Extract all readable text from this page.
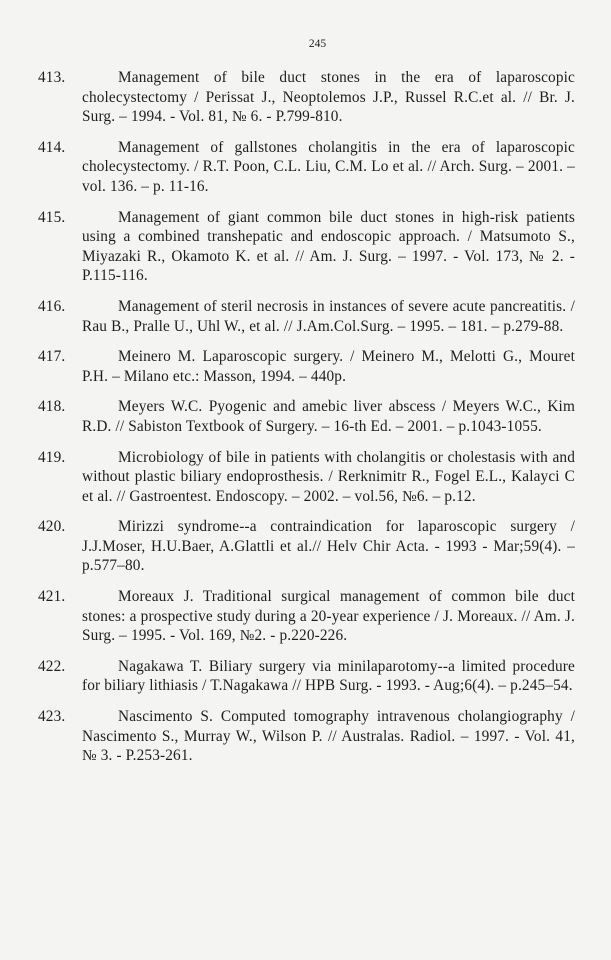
245
413.	Management of bile duct stones in the era of laparoscopic cholecystectomy / Perissat J., Neoptolemos J.P., Russel R.C.et al. // Br. J. Surg. – 1994. - Vol. 81, № 6. - P.799-810.
414.	Management of gallstones cholangitis in the era of laparoscopic cholecystectomy. / R.T. Poon, C.L. Liu, C.M. Lo et al. // Arch. Surg. – 2001. – vol. 136. – p. 11-16.
415.	Management of giant common bile duct stones in high-risk patients using a combined transhepatic and endoscopic approach. / Matsumoto S., Miyazaki R., Okamoto K. et al. // Am. J. Surg. – 1997. - Vol. 173, № 2. - P.115-116.
416.	Management of steril necrosis in instances of severe acute pancreatitis. / Rau B., Pralle U., Uhl W., et al. // J.Am.Col.Surg. – 1995. – 181. – p.279-88.
417.	Meinero M. Laparoscopic surgery. / Meinero M., Melotti G., Mouret P.H. – Milano etc.: Masson, 1994. – 440p.
418.	Meyers W.C. Pyogenic and amebic liver abscess / Meyers W.C., Kim R.D. // Sabiston Textbook of Surgery. – 16-th Ed. – 2001. – p.1043-1055.
419.	Microbiology of bile in patients with cholangitis or cholestasis with and without plastic biliary endoprosthesis. / Rerknimitr R., Fogel E.L., Kalayci C et al. // Gastroentest. Endoscopy. – 2002. – vol.56, №6. – p.12.
420.	Mirizzi syndrome--a contraindication for laparoscopic surgery / J.J.Moser, H.U.Baer, A.Glattli et al.// Helv Chir Acta. - 1993 - Mar;59(4). – p.577–80.
421.	Moreaux J. Traditional surgical management of common bile duct stones: a prospective study during a 20-year experience / J. Moreaux. // Am. J. Surg. – 1995. - Vol. 169, №2. - p.220-226.
422.	Nagakawa T. Biliary surgery via minilaparotomy--a limited procedure for biliary lithiasis / T.Nagakawa // HPB Surg. - 1993. - Aug;6(4). – p.245–54.
423.	Nascimento S. Computed tomography intravenous cholangiography / Nascimento S., Murray W., Wilson P. // Australas. Radiol. – 1997. - Vol. 41, № 3. - P.253-261.
